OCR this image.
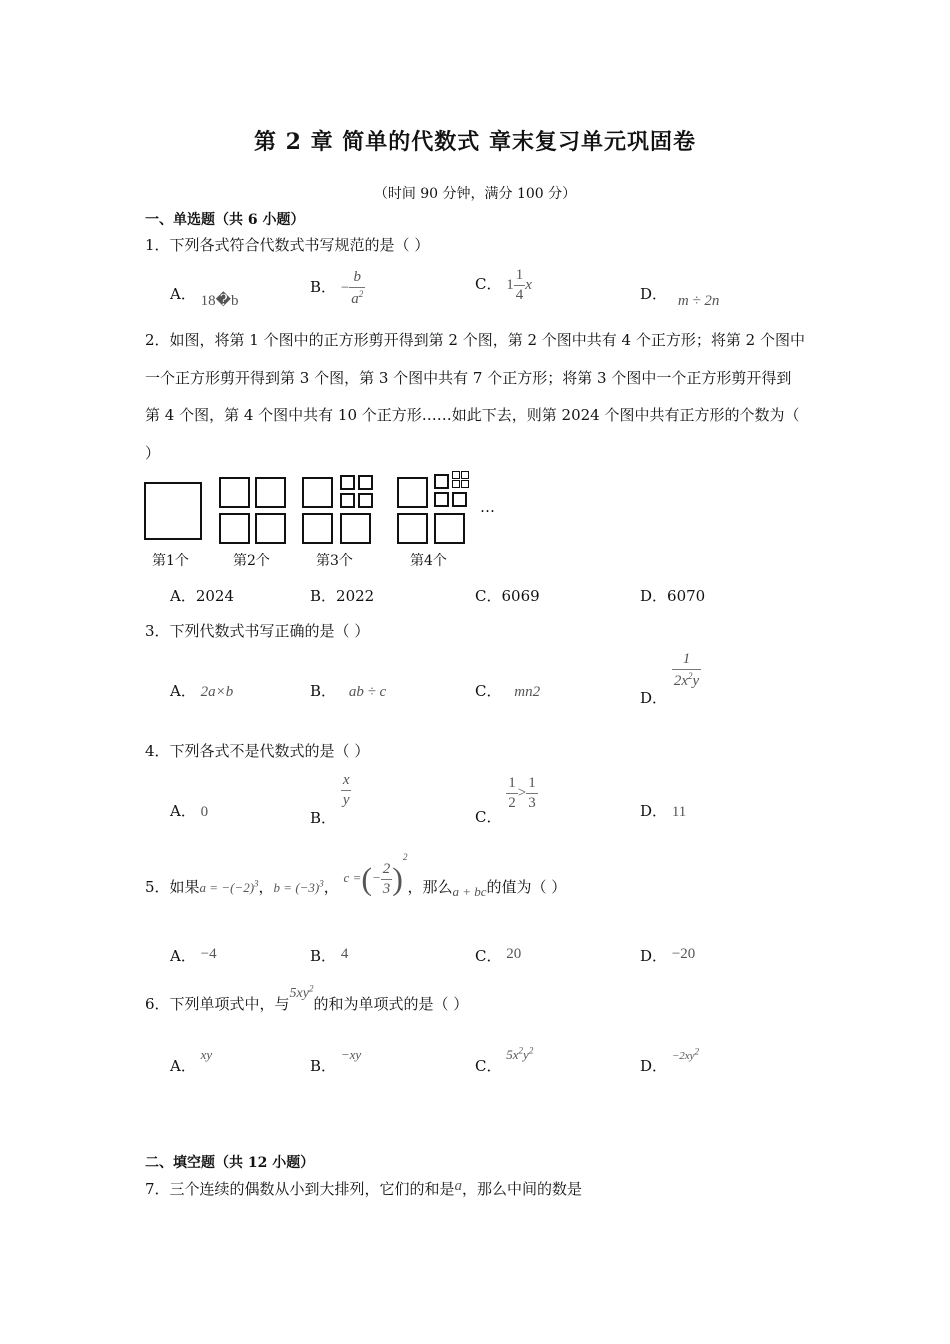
第 2 章 简单的代数式 章末复习单元巩固卷
（时间 90 分钟，满分 100 分）
一、单选题（共 6 小题）
1．下列各式符合代数式书写规范的是（ ）
A． 18�b
B． − $\frac{b}{a^2}$	C． $1 \frac{1}{4}$ x
D． m ÷ 2n
2．如图，将第 1 个图中的正方形剪开得到第 2 个图，第 2 个图中共有 4 个正方形；将第 2 个图中一个正方形剪开得到第 3 个图，第 3 个图中共有 7 个正方形；将第 3 个图中一个正方形剪开得到第 4 个图，第 4 个图中共有 10 个正方形……如此下去，则第 2024 个图中共有正方形的个数为（ ）
…
第1个	第2个	第3个	第4个
A．2024	B．2022	C．6069	D．6070
3．下列代数式书写正确的是（ ）
A． 2a×b	B． ab ÷ c	C． mn2	D．
$\frac{1}{2x^2y}$
4．下列各式不是代数式的是（ ）
A． 0	B．
$\frac{x}{y}$
C．
$\frac{1}{2} > \frac{1}{3}$	D． 11
5．如果$a = -(-2)^3$，$b = (-3)^3$， c =(− $\frac{2}{3} )^2$，那么a + bc的值为（ ）
A． −4	B． 4	C． 20	D． −20
6．下列单项式中，与$5xy^2$的和为单项式的是（ ）
A． xy
B． −xy
C． $5x^2y^2$
D． $^{-2xy^2}$
二、填空题（共 12 小题）
7．三个连续的偶数从小到大排列，它们的和是a，那么中间的数是
